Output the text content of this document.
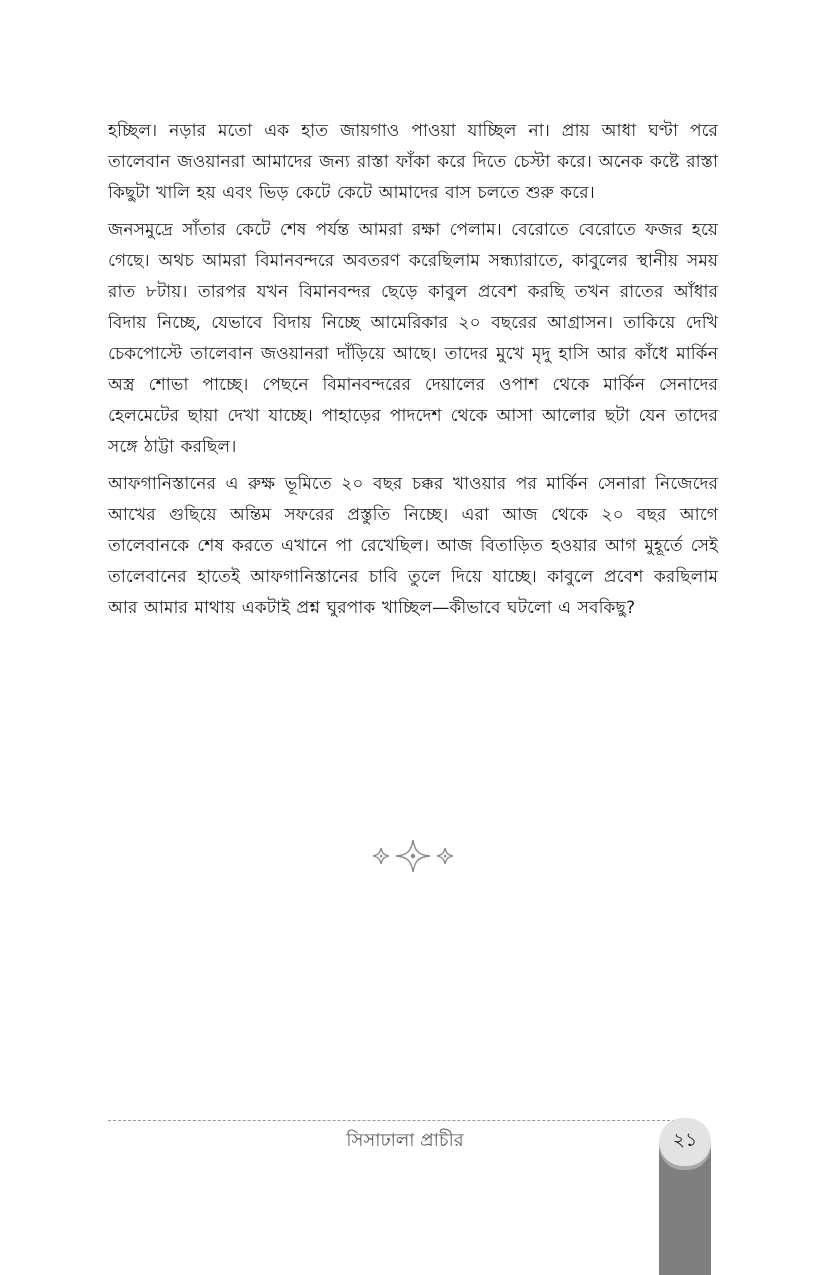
হচ্ছিল। নড়ার মতো এক হাত জায়গাও পাওয়া যাচ্ছিল না। প্রায় আধা ঘণ্টা পরে তালেবান জওয়ানরা আমাদের জন্য রাস্তা ফাঁকা করে দিতে চেস্টা করে। অনেক কষ্টে রাস্তা কিছুটা খালি হয় এবং ভিড় কেটে কেটে আমাদের বাস চলতে শুরু করে।

জনসমুদ্রে সাঁতার কেটে শেষ পর্যন্ত আমরা রক্ষা পেলাম। বেরোতে বেরোতে ফজর হয়ে গেছে। অথচ আমরা বিমানবন্দরে অবতরণ করেছিলাম সন্ধ্যারাতে, কাবুলের স্থানীয় সময় রাত ৮টায়। তারপর যখন বিমানবন্দর ছেড়ে কাবুল প্রবেশ করছি তখন রাতের আঁধার বিদায় নিচ্ছে, যেভাবে বিদায় নিচ্ছে আমেরিকার ২০ বছরের আগ্রাসন। তাকিয়ে দেখি চেকপোস্টে তালেবান জওয়ানরা দাঁড়িয়ে আছে। তাদের মুখে মৃদু হাসি আর কাঁধে মার্কিন অস্ত্র শোভা পাচ্ছে। পেছনে বিমানবন্দরের দেয়ালের ওপাশ থেকে মার্কিন সেনাদের হেলমেটের ছায়া দেখা যাচ্ছে। পাহাড়ের পাদদেশ থেকে আসা আলোর ছটা যেন তাদের সঙ্গে ঠাট্টা করছিল।

আফগানিস্তানের এ রুক্ষ ভূমিতে ২০ বছর চক্কর খাওয়ার পর মার্কিন সেনারা নিজেদের আখের গুছিয়ে অন্তিম সফরের প্রস্তুতি নিচ্ছে। এরা আজ থেকে ২০ বছর আগে তালেবানকে শেষ করতে এখানে পা রেখেছিল। আজ বিতাড়িত হওয়ার আগ মুহূর্তে সেই তালেবানের হাতেই আফগানিস্তানের চাবি তুলে দিয়ে যাচ্ছে। কাবুলে প্রবেশ করছিলাম আর আমার মাথায় একটাই প্রশ্ন ঘুরপাক খাচ্ছিল—কীভাবে ঘটলো এ সবকিছু?

সিসাঢালা প্রাচীর	২১
